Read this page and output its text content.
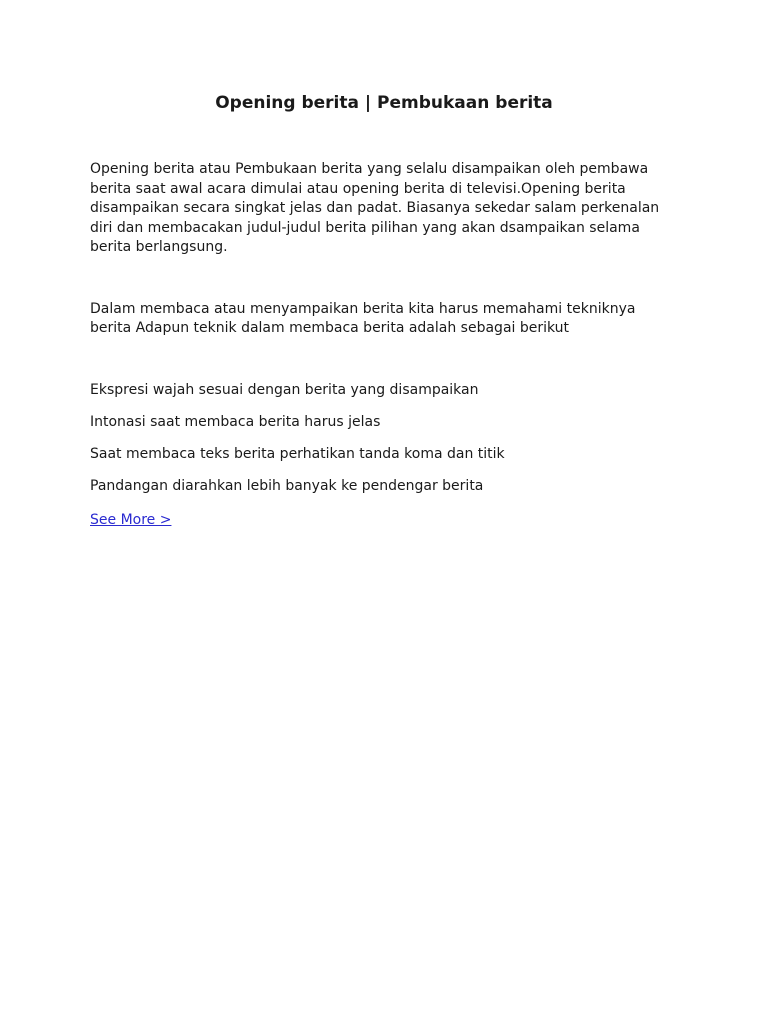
Opening berita | Pembukaan berita

Opening berita atau Pembukaan berita yang selalu disampaikan oleh pembawa berita saat awal acara dimulai atau opening berita di televisi.Opening berita disampaikan secara singkat jelas dan padat. Biasanya sekedar salam perkenalan diri dan membacakan judul-judul berita pilihan yang akan dsampaikan selama berita berlangsung.

Dalam membaca atau menyampaikan berita kita harus memahami tekniknya berita Adapun teknik dalam membaca berita adalah sebagai berikut

Ekspresi wajah sesuai dengan berita yang disampaikan
Intonasi saat membaca berita harus jelas
Saat membaca teks berita perhatikan tanda koma dan titik
Pandangan diarahkan lebih banyak ke pendengar berita
See More >
